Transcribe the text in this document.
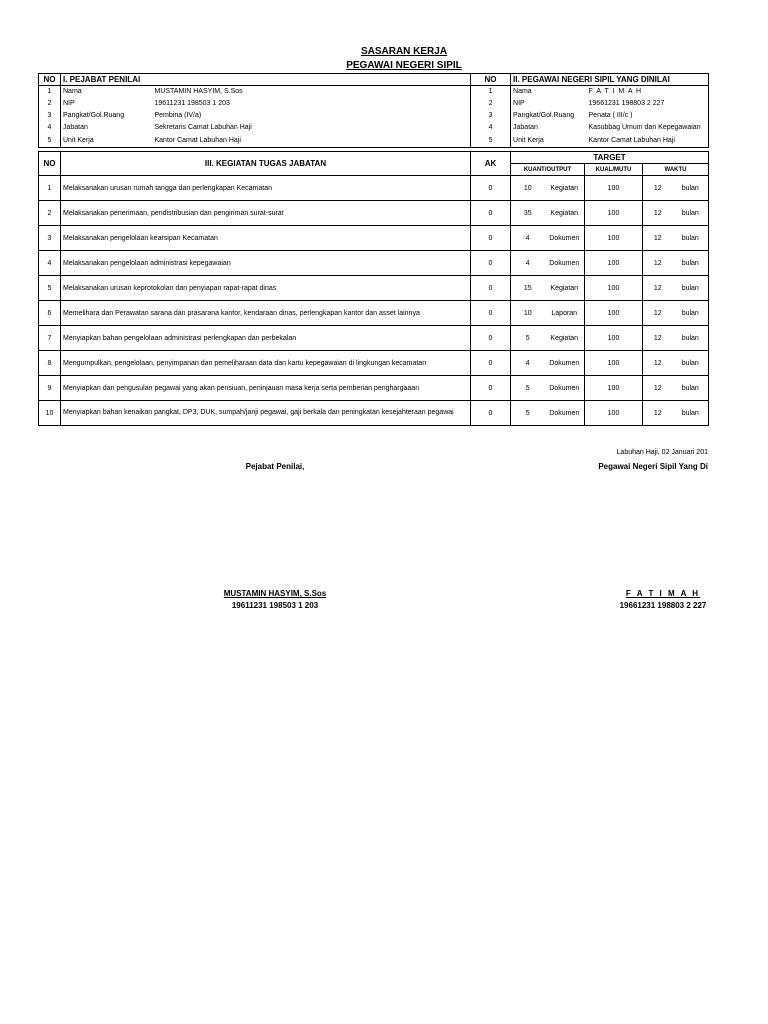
SASARAN KERJA
PEGAWAI NEGERI SIPIL
NO	I. PEJABAT PENILAI		NO	II. PEGAWAI NEGERI SIPIL YANG DINILAI	
1	Nama	MUSTAMIN HASYIM, S.Sos	1	Nama	F A T I M A H
2	NIP	19611231 198503 1 203	2	NIP	19661231 198803 2 227
3	Pangkat/Gol.Ruang	Pembina (IV/a)	3	Pangkat/Gol.Ruang	Penata ( III/c )
4	Jabatan	Sekretaris Camat Labuhan Haji	4	Jabatan	Kasubbag Umum dan Kepegawaian
5	Unit Kerja	Kantor Camat Labuhan Haji	5	Unit Kerja	Kantor Camat Labuhan Haji
NO	III. KEGIATAN TUGAS JABATAN	AK	TARGET				
			KUANT/OUTPUT		KUAL/MUTU	WAKTU	
1	Melaksanakan urusan rumah tangga dan perlengkapan Kecamatan	0	10	Kegiatan	100	12	bulan
2	Melaksanakan penerimaan, pendistribusian dan pengiriman surat-surat	0	35	Kegiatan	100	12	bulan
3	Melaksanakan pengelolaan kearsipan Kecamatan	0	4	Dokumen	100	12	bulan
4	Melaksanakan pengelolaan administrasi kepegawaian	0	4	Dokumen	100	12	bulan
5	Melaksanakan urusan keprotokolan dan penyiapan rapat-rapat dinas	0	15	Kegiatan	100	12	bulan
6	Memelihara dan Perawatan sarana dan prasarana kantor, kendaraan dinas, perlengkapan kantor dan asset lainnya	0	10	Laporan	100	12	bulan
7	Menyiapkan bahan pengelolaan administrasi perlengkapan dan perbekalan	0	5	Kegiatan	100	12	bulan
8	Mengumpulkan, pengelolaan, penyimpanan dan pemeliharaan data dan kartu kepegawaian di lingkungan kecamatan	0	4	Dokumen	100	12	bulan
9	Menyiapkan dan pengusulan pegawai yang akan pensiuan, peninjauan masa kerja serta pemberian penghargaaan	0	5	Dokumen	100	12	bulan
10	Menyiapkan bahan kenaikan pangkat, DP3, DUK, sumpah/janji pegawai, gaji berkala dan peningkatan kesejahteraan pegawai	0	5	Dokumen	100	12	bulan
Labuhan Haji, 02 Januari 201
Pejabat Penilai,	Pegawai Negeri Sipil Yang Di
MUSTAMIN HASYIM, S.Sos
19611231 198503 1 203
F A T I M A H
19661231 198803 2 227
